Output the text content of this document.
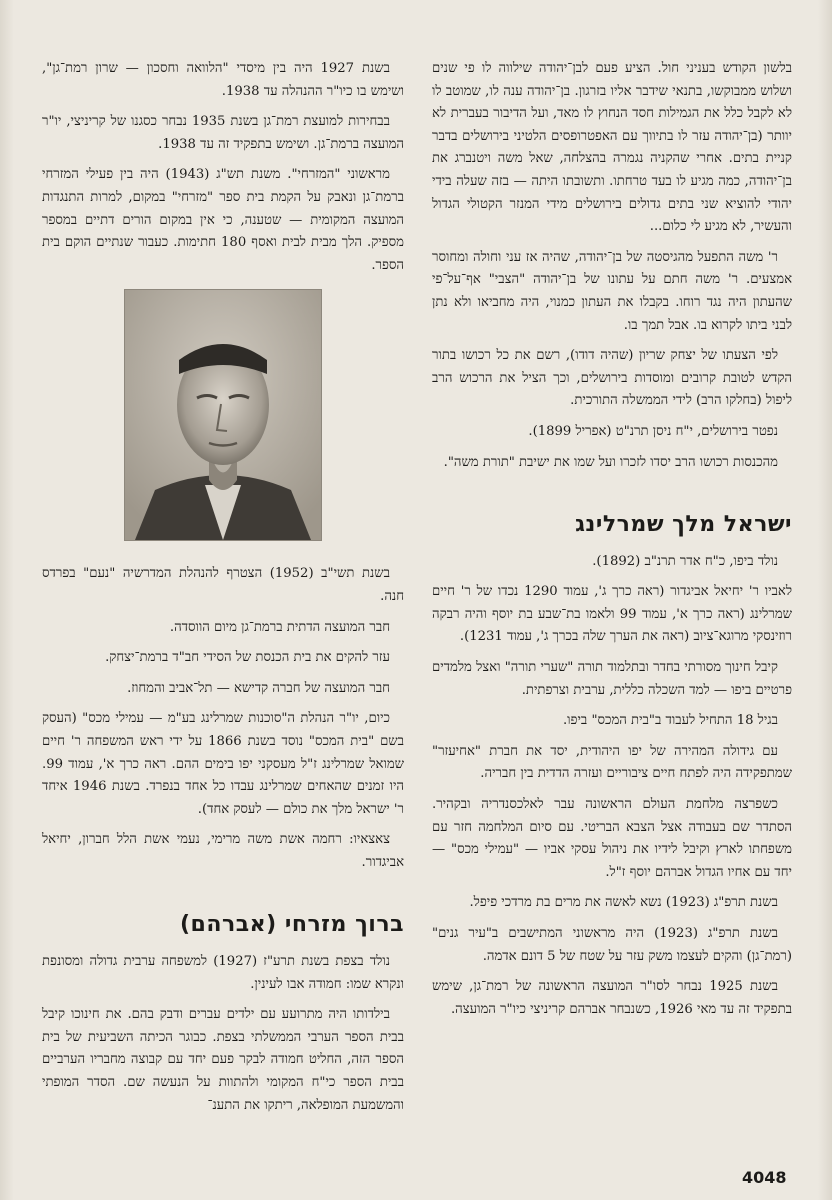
בלשון הקודש בעניני חול. הציע פעם לבן־יהודה שילווה לו פי שנים ושלוש ממבוקשו, בתנאי שידבר אליו בזרגון. בן־יהודה ענה לו, שמוטב לו לא לקבל כלל את הגמילות חסד הנחוץ לו מאד, ועל הדיבור בעברית לא יוותר (בן־יהודה עזר לו בתיווך עם האפטרופסים הלטיני בירושלים בדבר קניית בתים. אחרי שהקניה נגמרה בהצלחה, שאל משה ויטנברג את בן־יהודה, כמה מגיע לו בעד טרחתו. ותשובתו היתה — בזה שעלה בידי יהודי להוציא שני בתים גדולים בירושלים מידי המנזר הקטולי הגדול והעשיר, לא מגיע לי כלום...

ר' משה התפעל מהגיסטה של בן־יהודה, שהיה אז עני וחולה ומחוסר אמצעים. ר' משה חתם על עתונו של בן־יהודה "הצבי" אף־על־פי שהעתון היה נגד רוחו. בקבלו את העתון כמנוי, היה מחביאו ולא נתן לבני ביתו לקרוא בו. אבל תמך בו.

לפי הצעתו של יצחק שריון (שהיה דודו), רשם את כל רכושו בתור הקדש לטובת קרובים ומוסדות בירושלים, וכך הציל את הרכוש הרב ליפול (בחלקו הרב) לידי הממשלה התורכית.

נפטר בירושלים, י"ח ניסן תרנ"ט (אפריל 1899).

מהכנסות רכושו הרב יסדו לזכרו ועל שמו את ישיבת "תורת משה".

ישראל מלך שמרלינג

נולד ביפו, כ"ח אדר תרנ"ב (1892).

לאביו ר' יחיאל אביגדור (ראה כרך ג', עמוד 1290 נכדו של ר' חיים שמרלינג (ראה כרך א', עמוד 99 ולאמו בת־שבע בת יוסף והיה רבקה רוזינסקי מרוגא־ציוב (ראה את הערך שלה בכרך ג', עמוד 1231).

קיבל חינוך מסורתי בחדר ובתלמוד תורה "שערי תורה" ואצל מלמדים פרטיים ביפו — למד השכלה כללית, ערבית וצרפתית.

בגיל 18 התחיל לעבוד ב"בית המכס" ביפו.

עם גידולה המהירה של יפו היהודית, יסד את חברת "אחיעזר" שמתפקידה היה לפתח חיים ציבוריים ועזרה הדדית בין חבריה.

כשפרצה מלחמת העולם הראשונה עבר לאלכסנדריה ובקהיר. הסתדר שם בעבודה אצל הצבא הבריטי. עם סיום המלחמה חזר עם משפחתו לארץ וקיבל לידיו את ניהול עסקי אביו — "עמילי מכס" — יחד עם אחיו הגדול אברהם יוסף ז"ל.

בשנת תרפ"ג (1923) נשא לאשה את מרים בת מרדכי פיפל.

בשנת תרפ"ג (1923) היה מראשוני המתישבים ב"עיר גנים" (רמת־גן) והקים לעצמו משק עזר על שטח של 5 דונם אדמה.

בשנת 1925 נבחר לסו"ר המועצה הראשונה של רמת־גן, שימש בתפקיד זה עד מאי 1926, כשנבחר אברהם קריניצי כיו"ר המועצה.

בשנת 1927 היה בין מיסדי "הלוואה וחסכון — שרון רמת־גן", ושימש בו כיו"ר ההנהלה עד 1938.

בבחירות למועצת רמת־גן בשנת 1935 נבחר כסגנו של קריניצי, יו"ר המועצה ברמת־גן. ושימש בתפקיד זה עד 1938.

מראשוני "המזרחי". משנת תש"ג (1943) היה בין פעילי המזרחי ברמת־גן ונאבק על הקמת בית ספר "מזרחי" במקום, למרות התנגדות המועצה המקומית — שטענה, כי אין במקום הורים דתיים במספר מספיק. הלך מבית לבית ואסף 180 חתימות. כעבור שנתיים הוקם בית הספר.

בשנת תשי"ב (1952) הצטרף להנהלת המדרשיה "נעם" בפרדס חנה.

חבר המועצה הדתית ברמת־גן מיום הווסדה.

עזר להקים את בית הכנסת של הסידי חב"ד ברמת־יצחק.

חבר המועצה של חברה קדישא — תל־אביב והמחוז.

כיום, יו"ר הנהלת ה"סוכנות שמרלינג בע"מ — עמילי מכס" (העסק בשם "בית המכס" נוסד בשנת 1866 על ידי ראש המשפחה ר' חיים שמואל שמרלינג ז"ל מעסקני יפו בימים ההם. ראה כרך א', עמוד 99. היו זמנים שהאחים שמרלינג עבדו כל אחד בנפרד. בשנת 1946 איחד ר' ישראל מלך את כולם — לעסק אחד).

צאצאיו: רחמה אשת משה מרימי, נעמי אשת הלל חברון, יחיאל אביגדור.

ברוך מזרחי (אברהם)

נולד בצפת בשנת תרע"ז (1927) למשפחה ערבית גדולה ומסונפת ונקרא שמו: חמודה אבו לעינין.

בילדותו היה מתרועע עם ילדים עברים ודבק בהם. את חינוכו קיבל בבית הספר הערבי הממשלתי בצפת. כבוגר הכיתה השביעית של בית הספר הזה, החליט חמודה לבקר פעם יחד עם קבוצה מחבריו הערביים בבית הספר כי"ח המקומי ולהתוות על הנעשה שם. הסדר המופתי והמשמעת המופלאה, ריתקו את התענ־

4048
